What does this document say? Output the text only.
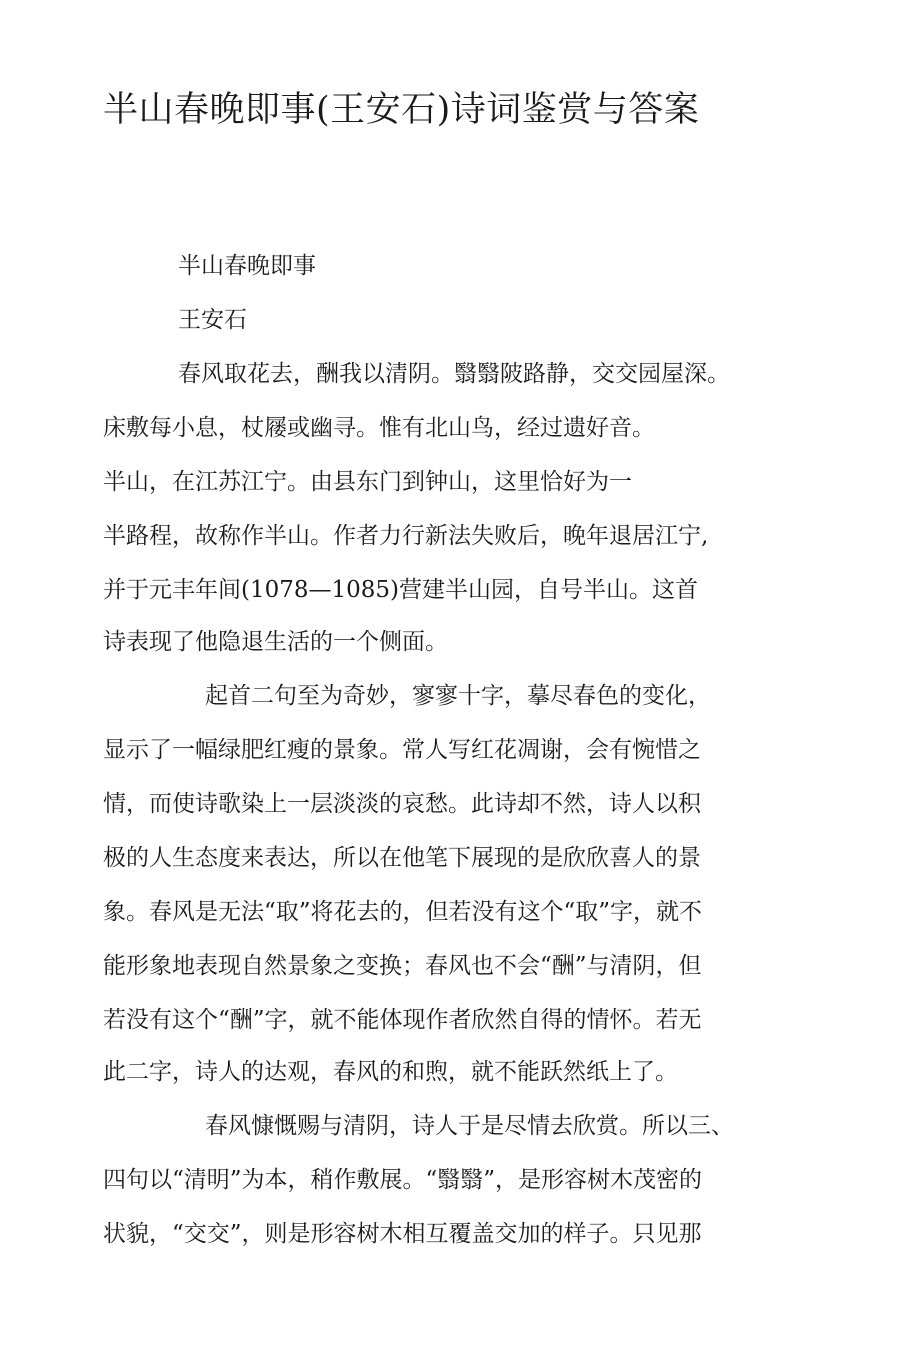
半山春晚即事(王安石)诗词鉴赏与答案
半山春晚即事
王安石
春风取花去，酬我以清阴。翳翳陂路静，交交园屋深。
床敷每小息，杖屦或幽寻。惟有北山鸟，经过遗好音。
半山，在江苏江宁。由县东门到钟山，这里恰好为一
半路程，故称作半山。作者力行新法失败后，晚年退居江宁,
并于元丰年间(1078—1085)营建半山园，自号半山。这首
诗表现了他隐退生活的一个侧面。
起首二句至为奇妙，寥寥十字，摹尽春色的变化，
显示了一幅绿肥红瘦的景象。常人写红花凋谢，会有惋惜之
情，而使诗歌染上一层淡淡的哀愁。此诗却不然，诗人以积
极的人生态度来表达，所以在他笔下展现的是欣欣喜人的景
象。春风是无法“取”将花去的，但若没有这个“取”字，就不
能形象地表现自然景象之变换；春风也不会“酬”与清阴，但
若没有这个“酬”字，就不能体现作者欣然自得的情怀。若无
此二字，诗人的达观，春风的和煦，就不能跃然纸上了。
春风慷慨赐与清阴，诗人于是尽情去欣赏。所以三、
四句以“清明”为本，稍作敷展。“翳翳”，是形容树木茂密的
状貌，“交交”，则是形容树木相互覆盖交加的样子。只见那
